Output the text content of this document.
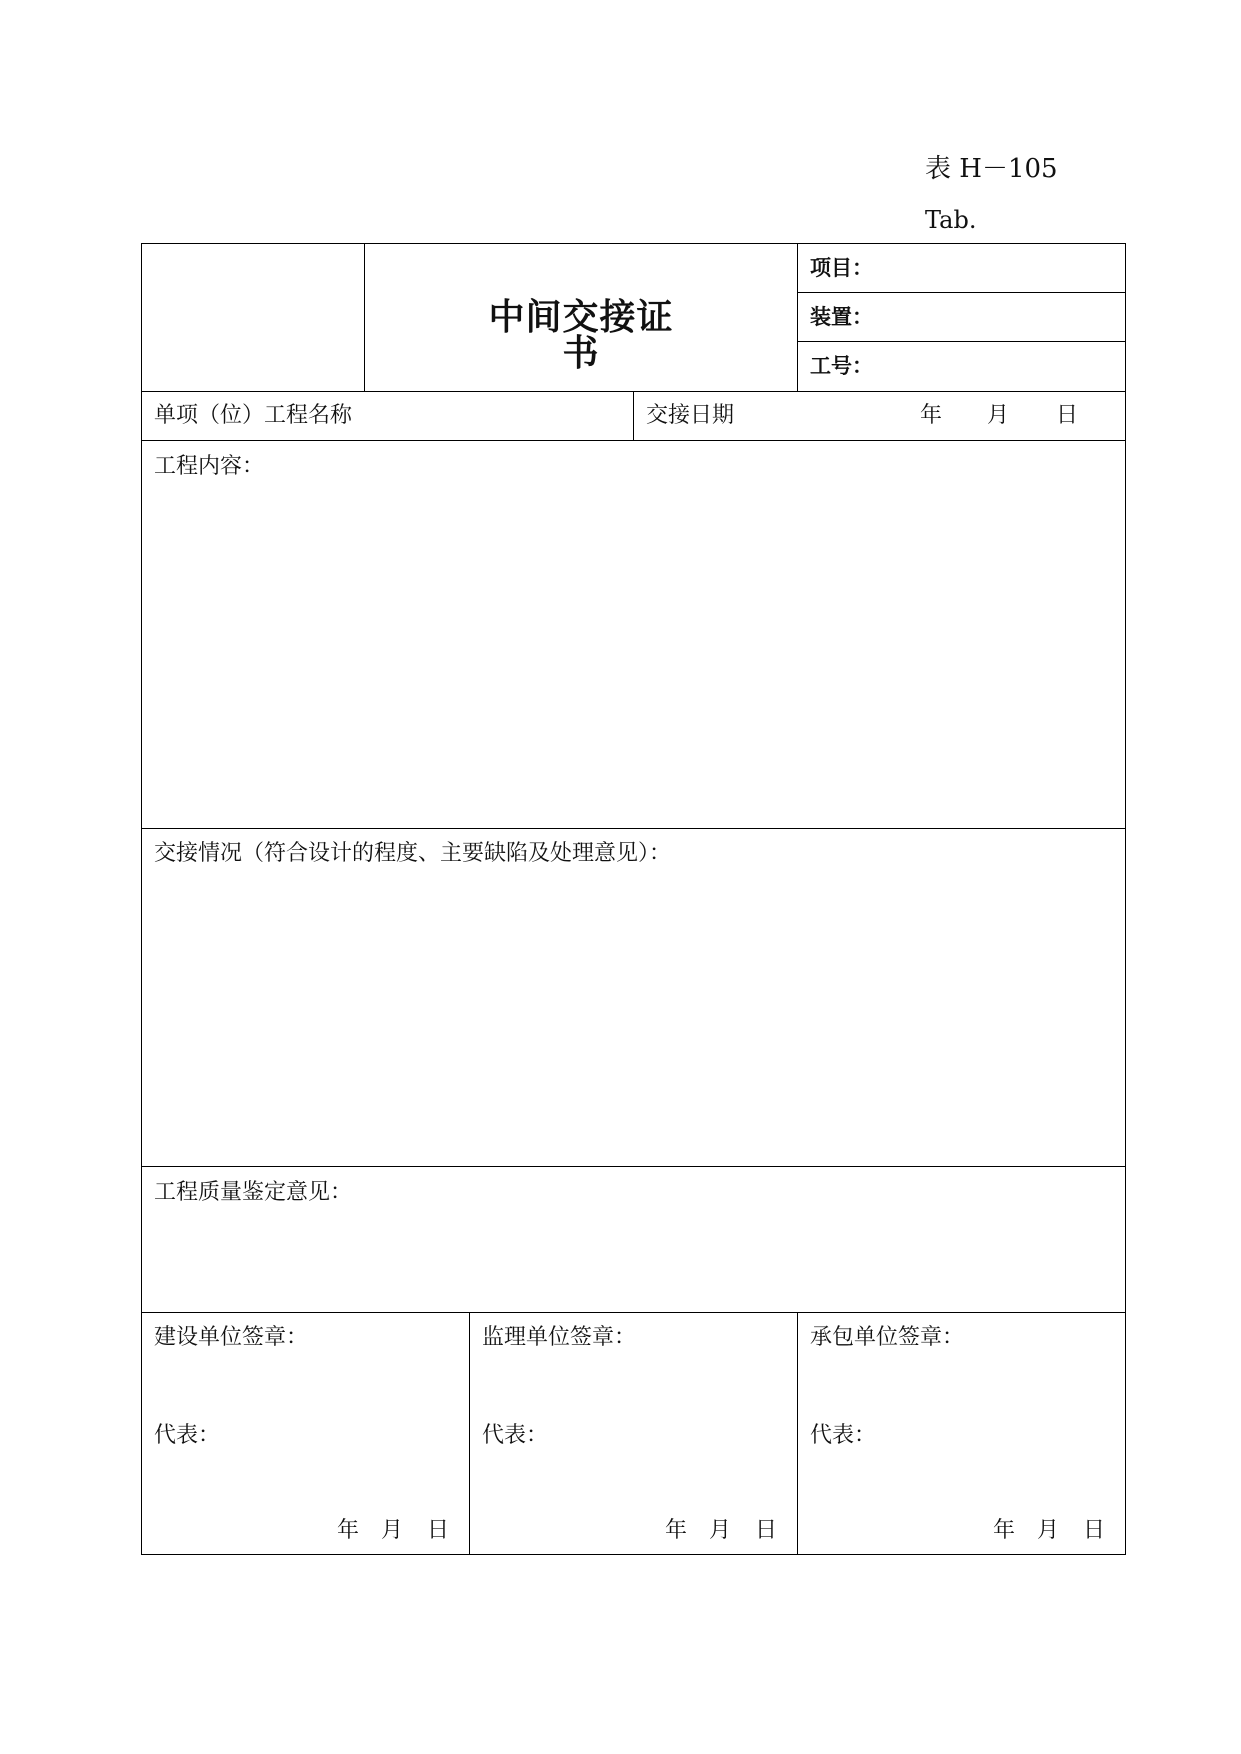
表 H－105
Tab.
中间交接证书
项目：
装置：
工号：
单项（位）工程名称	交接日期	年 月 日
工程内容：
交接情况（符合设计的程度、主要缺陷及处理意见）：
工程质量鉴定意见：
建设单位签章：
代表：
年 月 日
监理单位签章：
代表：
年 月 日
承包单位签章：
代表：
年 月 日
